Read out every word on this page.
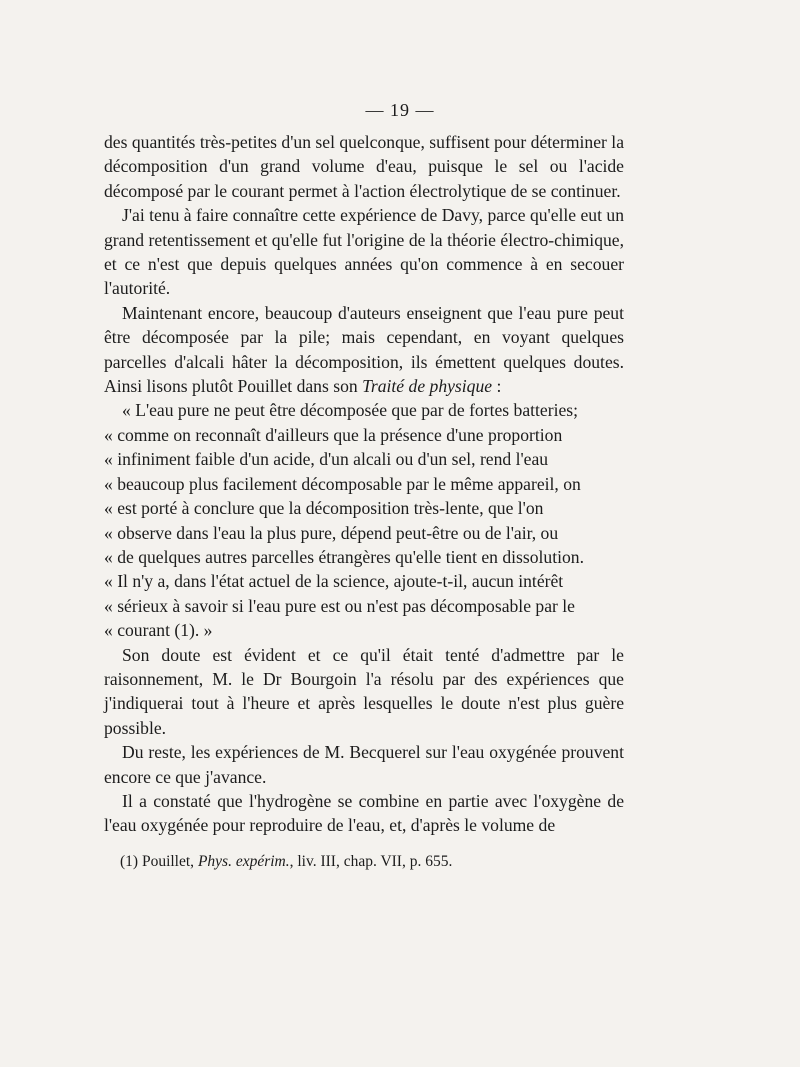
— 19 —

des quantités très-petites d'un sel quelconque, suffisent pour déterminer la décomposition d'un grand volume d'eau, puisque le sel ou l'acide décomposé par le courant permet à l'action électrolytique de se continuer.

J'ai tenu à faire connaître cette expérience de Davy, parce qu'elle eut un grand retentissement et qu'elle fut l'origine de la théorie électro-chimique, et ce n'est que depuis quelques années qu'on commence à en secouer l'autorité.

Maintenant encore, beaucoup d'auteurs enseignent que l'eau pure peut être décomposée par la pile; mais cependant, en voyant quelques parcelles d'alcali hâter la décomposition, ils émettent quelques doutes. Ainsi lisons plutôt Pouillet dans son Traité de physique :

« L'eau pure ne peut être décomposée que par de fortes batteries;

« comme on reconnaît d'ailleurs que la présence d'une proportion

« infiniment faible d'un acide, d'un alcali ou d'un sel, rend l'eau

« beaucoup plus facilement décomposable par le même appareil, on

« est porté à conclure que la décomposition très-lente, que l'on

« observe dans l'eau la plus pure, dépend peut-être ou de l'air, ou

« de quelques autres parcelles étrangères qu'elle tient en dissolution.

« Il n'y a, dans l'état actuel de la science, ajoute-t-il, aucun intérêt

« sérieux à savoir si l'eau pure est ou n'est pas décomposable par le

« courant (1). »

Son doute est évident et ce qu'il était tenté d'admettre par le raisonnement, M. le Dr Bourgoin l'a résolu par des expériences que j'indiquerai tout à l'heure et après lesquelles le doute n'est plus guère possible.

Du reste, les expériences de M. Becquerel sur l'eau oxygénée prouvent encore ce que j'avance.

Il a constaté que l'hydrogène se combine en partie avec l'oxygène de l'eau oxygénée pour reproduire de l'eau, et, d'après le volume de

(1) Pouillet, Phys. expérim., liv. III, chap. VII, p. 655.
